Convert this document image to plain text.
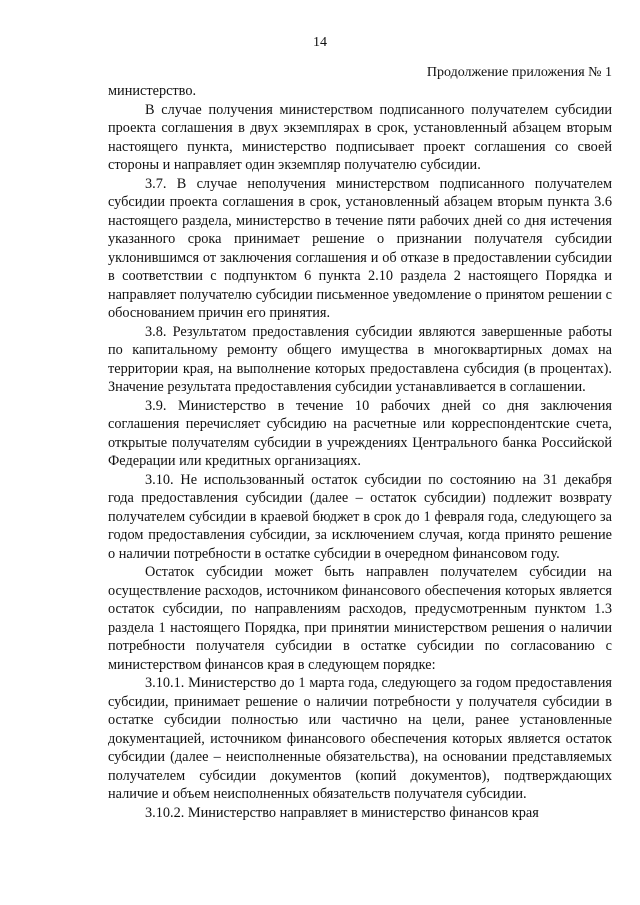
14
Продолжение приложения № 1

министерство.

В случае получения министерством подписанного получателем субсидии проекта соглашения в двух экземплярах в срок, установленный абзацем вторым настоящего пункта, министерство подписывает проект соглашения со своей стороны и направляет один экземпляр получателю субсидии.

3.7. В случае неполучения министерством подписанного получателем субсидии проекта соглашения в срок, установленный абзацем вторым пункта 3.6 настоящего раздела, министерство в течение пяти рабочих дней со дня истечения указанного срока принимает решение о признании получателя субсидии уклонившимся от заключения соглашения и об отказе в предоставлении субсидии в соответствии с подпунктом 6 пункта 2.10 раздела 2 настоящего Порядка и направляет получателю субсидии письменное уведомление о принятом решении с обоснованием причин его принятия.

3.8. Результатом предоставления субсидии являются завершенные работы по капитальному ремонту общего имущества в многоквартирных домах на территории края, на выполнение которых предоставлена субсидия (в процентах). Значение результата предоставления субсидии устанавливается в соглашении.

3.9. Министерство в течение 10 рабочих дней со дня заключения соглашения перечисляет субсидию на расчетные или корреспондентские счета, открытые получателям субсидии в учреждениях Центрального банка Российской Федерации или кредитных организациях.

3.10. Не использованный остаток субсидии по состоянию на 31 декабря года предоставления субсидии (далее – остаток субсидии) подлежит возврату получателем субсидии в краевой бюджет в срок до 1 февраля года, следующего за годом предоставления субсидии, за исключением случая, когда принято решение о наличии потребности в остатке субсидии в очередном финансовом году.

Остаток субсидии может быть направлен получателем субсидии на осуществление расходов, источником финансового обеспечения которых является остаток субсидии, по направлениям расходов, предусмотренным пунктом 1.3 раздела 1 настоящего Порядка, при принятии министерством решения о наличии потребности получателя субсидии в остатке субсидии по согласованию с министерством финансов края в следующем порядке:

3.10.1. Министерство до 1 марта года, следующего за годом предоставления субсидии, принимает решение о наличии потребности у получателя субсидии в остатке субсидии полностью или частично на цели, ранее установленные документацией, источником финансового обеспечения которых является остаток субсидии (далее – неисполненные обязательства), на основании представляемых получателем субсидии документов (копий документов), подтверждающих наличие и объем неисполненных обязательств получателя субсидии.

3.10.2. Министерство направляет в министерство финансов края
